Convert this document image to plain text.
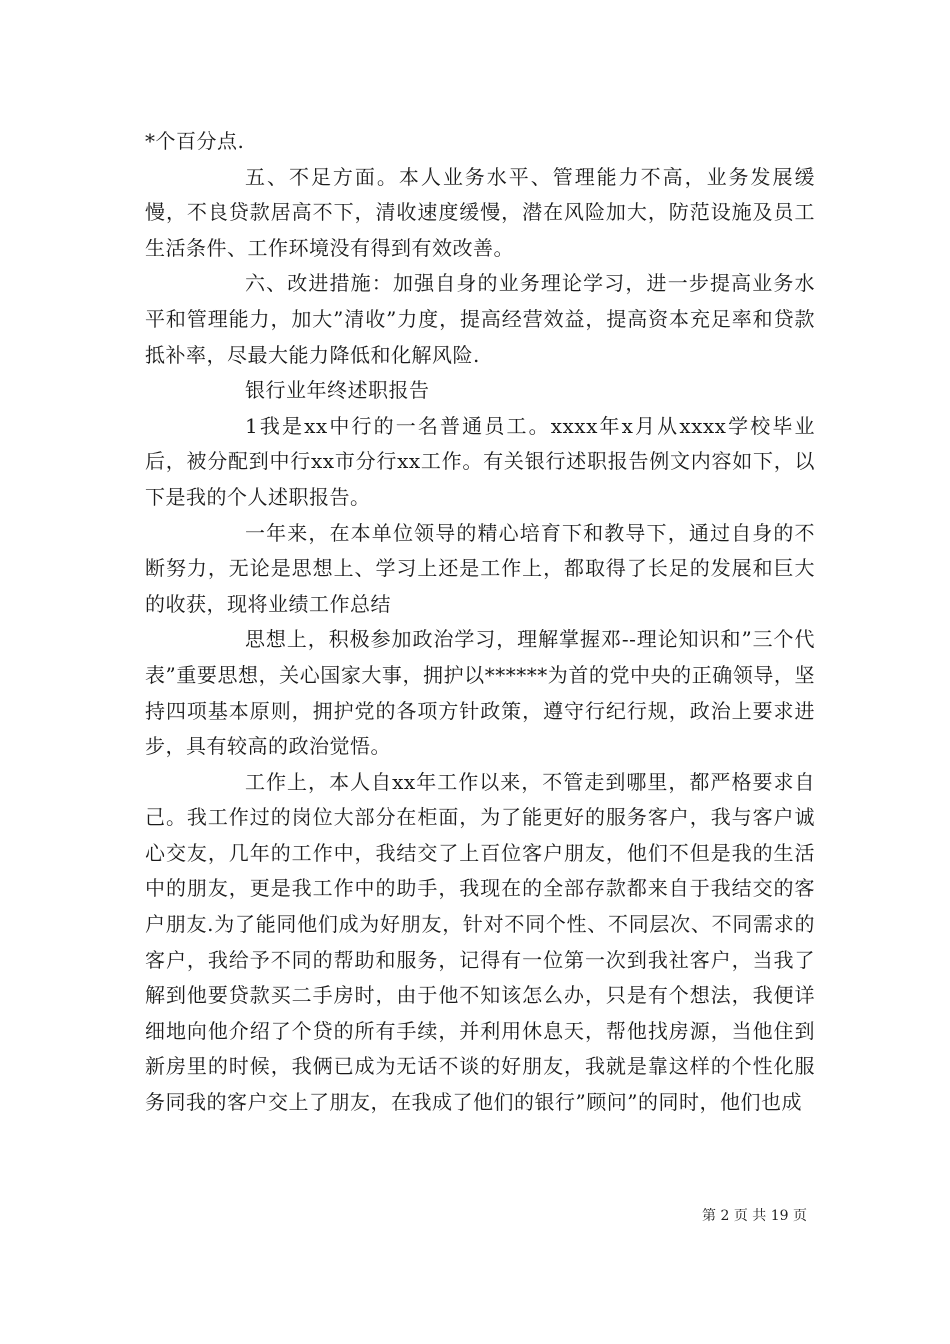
*个百分点.

五、不足方面。本人业务水平、管理能力不高，业务发展缓慢，不良贷款居高不下，清收速度缓慢，潜在风险加大，防范设施及员工生活条件、工作环境没有得到有效改善。

六、改进措施：加强自身的业务理论学习，进一步提高业务水平和管理能力，加大”清收”力度，提高经营效益，提高资本充足率和贷款抵补率，尽最大能力降低和化解风险.

银行业年终述职报告

1我是xx中行的一名普通员工。xxxx年x月从xxxx学校毕业后，被分配到中行xx市分行xx工作。有关银行述职报告例文内容如下，以下是我的个人述职报告。

一年来，在本单位领导的精心培育下和教导下，通过自身的不断努力，无论是思想上、学习上还是工作上，都取得了长足的发展和巨大的收获，现将业绩工作总结

思想上，积极参加政治学习，理解掌握邓--理论知识和”三个代表”重要思想，关心国家大事，拥护以******为首的党中央的正确领导，坚持四项基本原则，拥护党的各项方针政策，遵守行纪行规，政治上要求进步，具有较高的政治觉悟。

工作上，本人自xx年工作以来，不管走到哪里，都严格要求自己。我工作过的岗位大部分在柜面，为了能更好的服务客户，我与客户诚心交友，几年的工作中，我结交了上百位客户朋友，他们不但是我的生活中的朋友，更是我工作中的助手，我现在的全部存款都来自于我结交的客户朋友.为了能同他们成为好朋友，针对不同个性、不同层次、不同需求的客户，我给予不同的帮助和服务，记得有一位第一次到我社客户，当我了解到他要贷款买二手房时，由于他不知该怎么办，只是有个想法，我便详细地向他介绍了个贷的所有手续，并利用休息天，帮他找房源，当他住到新房里的时候，我俩已成为无话不谈的好朋友，我就是靠这样的个性化服务同我的客户交上了朋友，在我成了他们的银行”顾问”的同时，他们也成

第 2 页 共 19 页
